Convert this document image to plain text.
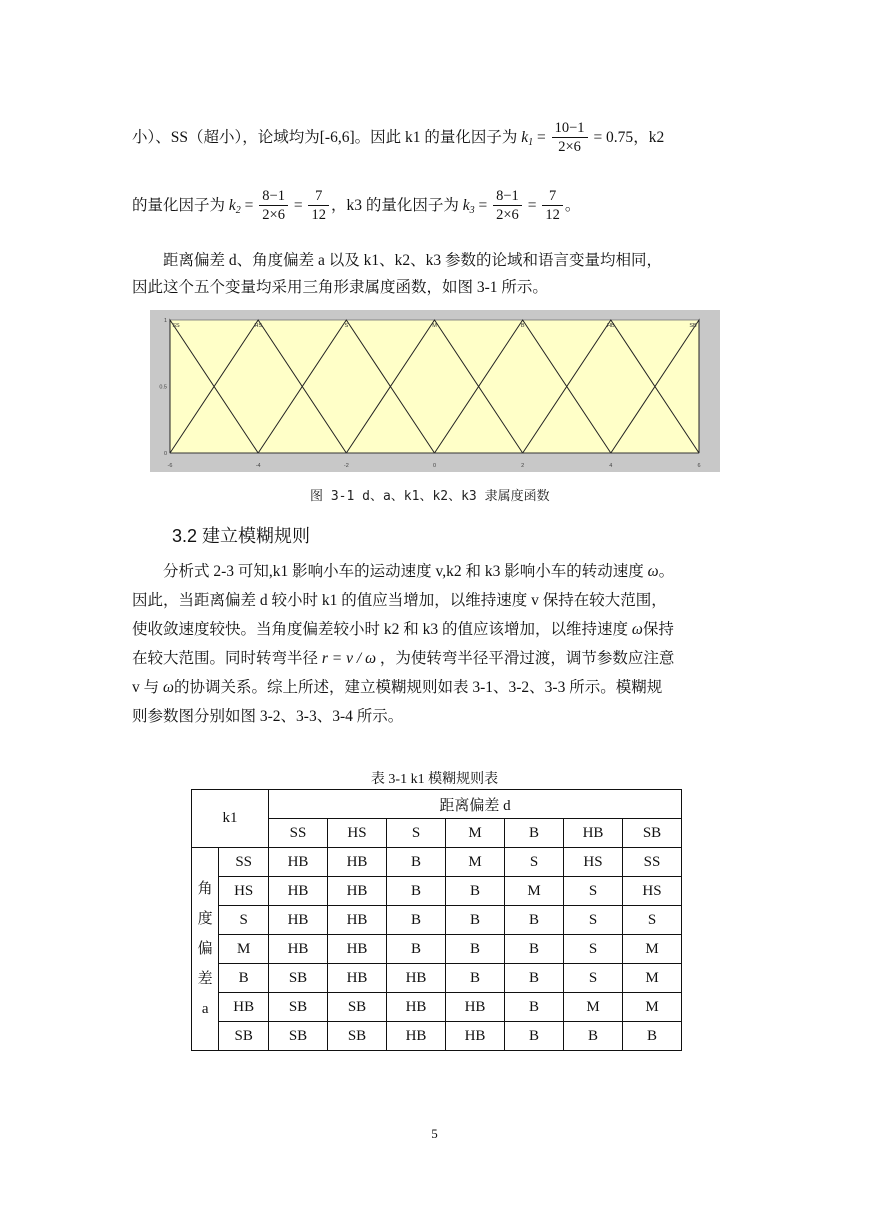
小）、SS（超小），论域均为[-6,6]。因此 k1 的量化因子为 $k_1 = \frac{10-1}{2\times 6} = 0.75$，k2
的量化因子为 $k_2 = \frac{8-1}{2\times 6} = \frac{7}{12}$ ，k3 的量化因子为 $k_3 = \frac{8-1}{2\times 6} = \frac{7}{12}$ 。
距离偏差 d、角度偏差 a 以及 k1、k2、k3 参数的论域和语言变量均相同，
因此这个五个变量均采用三角形隶属度函数，如图 3-1 所示。
SS	HS	S	M	B	HB	SB
-6	-4	-2	0	2	4	6
1
0.5
0
图 3-1 d、a、k1、k2、k3 隶属度函数
3.2 建立模糊规则
分析式 2-3 可知,k1 影响小车的运动速度 v,k2 和 k3 影响小车的转动速度 ω。
因此，当距离偏差 d 较小时 k1 的值应当增加，以维持速度 v 保持在较大范围，
使收敛速度较快。当角度偏差较小时 k2 和 k3 的值应该增加，以维持速度 ω保持
在较大范围。同时转弯半径 r = v / ω ，为使转弯半径平滑过渡，调节参数应注意
v 与 ω的协调关系。综上所述，建立模糊规则如表 3-1、3-2、3-3 所示。模糊规
则参数图分别如图 3-2、3-3、3-4 所示。
表 3-1 k1 模糊规则表
k1		距离偏差 d						
		SS	HS	S	M	B	HB	SB

角
度
偏
差
a	SS	HB	HB	B	M	S	HS	SS
	HS	HB	HB	B	B	M	S	HS
	S	HB	HB	B	B	B	S	S
	M	HB	HB	B	B	B	S	M
	B	SB	HB	HB	B	B	S	M
	HB	SB	SB	HB	HB	B	M	M
	SB	SB	SB	HB	HB	B	B	B
5
